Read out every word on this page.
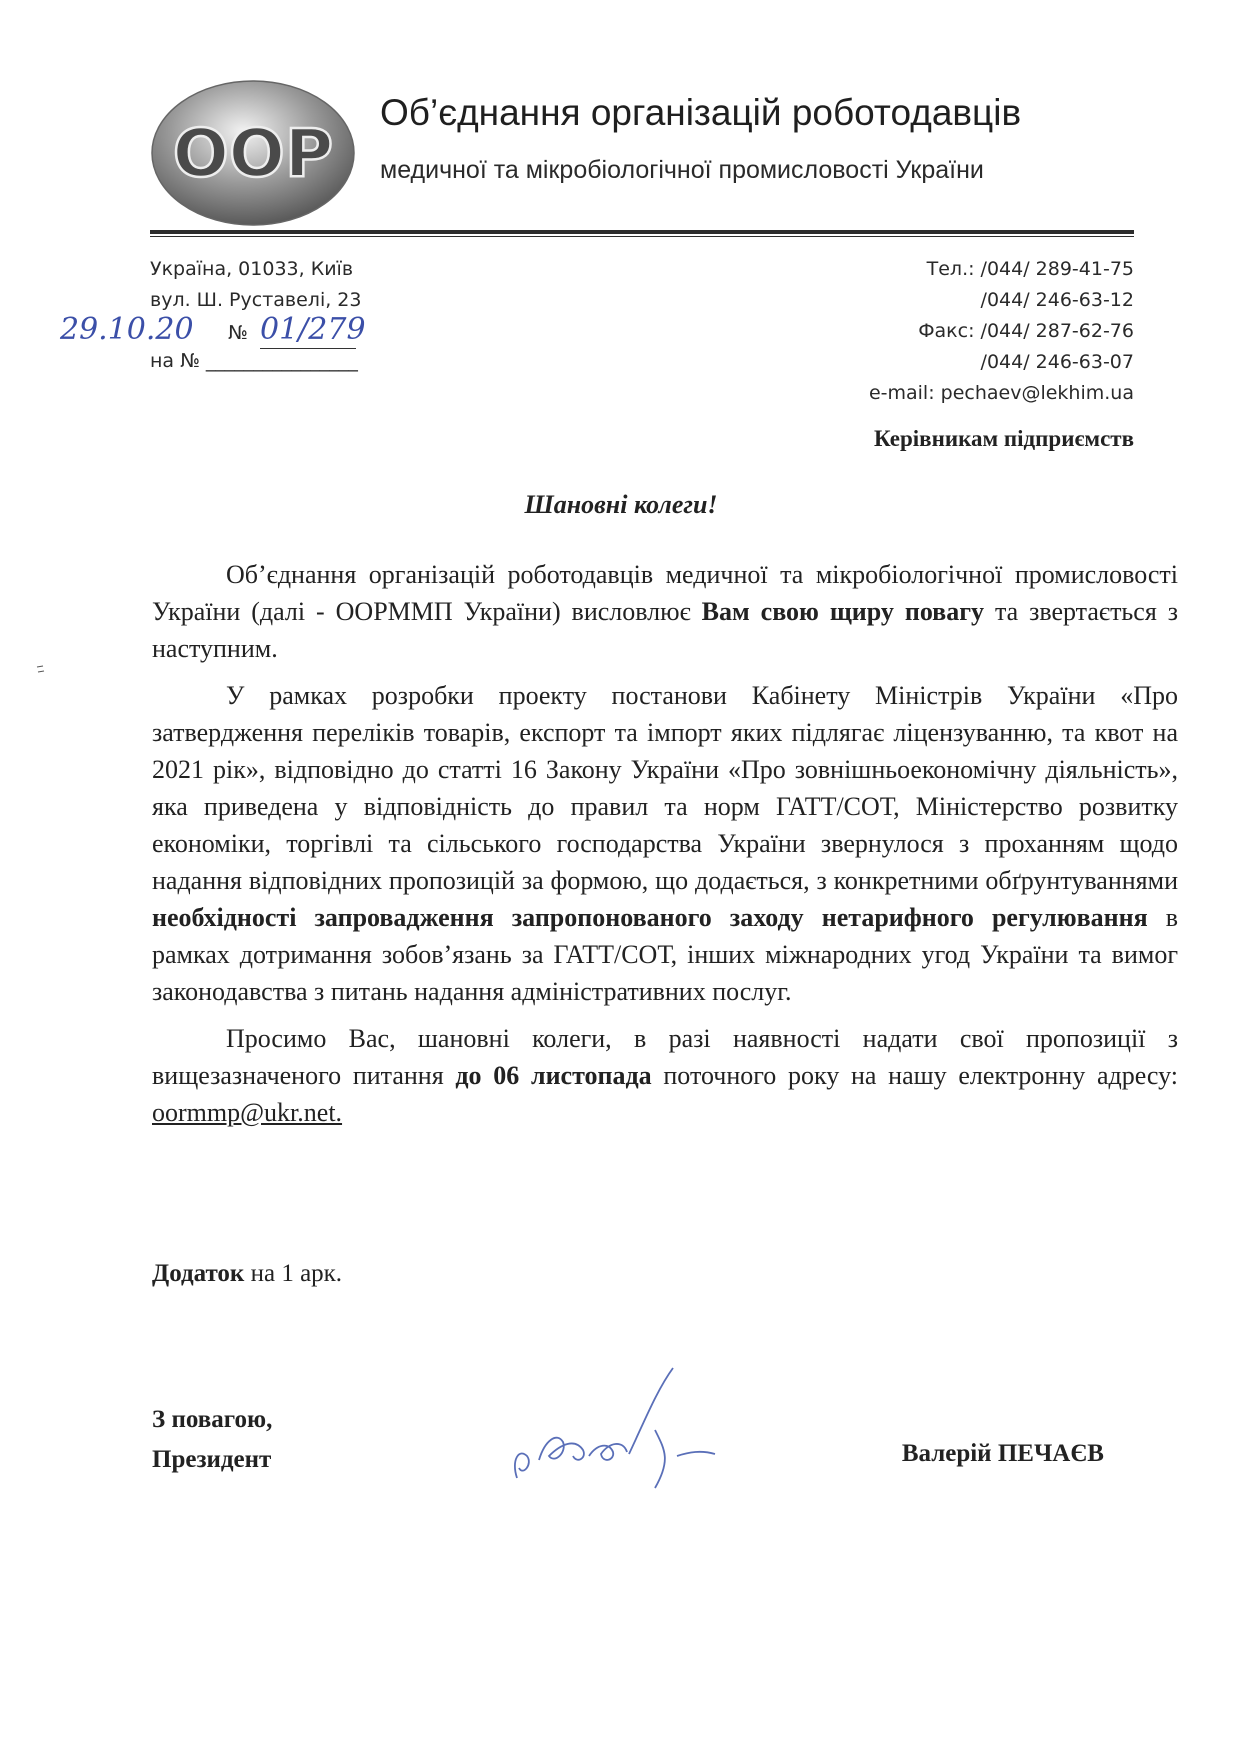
OOP
Об’єднання організацій роботодавців
медичної та мікробіологічної промисловості України
Україна, 01033, Київ
вул. Ш. Руставелі, 23
29.10.20 № 01/279
на № ________________
Тел.: /044/ 289-41-75
/044/ 246-63-12
Факс: /044/ 287-62-76
/044/ 246-63-07
e-mail: pechaev@lekhim.ua
Керівникам підприємств
Шановні колеги!

Об’єднання організацій роботодавців медичної та мікробіологічної промисловості України (далі - ООРММП України) висловлює Вам свою щиру повагу та звертається з наступним.

У рамках розробки проекту постанови Кабінету Міністрів України «Про затвердження переліків товарів, експорт та імпорт яких підлягає ліцензуванню, та квот на 2021 рік», відповідно до статті 16 Закону України «Про зовнішньоекономічну діяльність», яка приведена у відповідність до правил та норм ГАТТ/СОТ, Міністерство розвитку економіки, торгівлі та сільського господарства України звернулося з проханням щодо надання відповідних пропозицій за формою, що додається, з конкретними обґрунтуваннями необхідності запровадження запропонованого заходу нетарифного регулювання в рамках дотримання зобов’язань за ГАТТ/СОТ, інших міжнародних угод України та вимог законодавства з питань надання адміністративних послуг.

Просимо Вас, шановні колеги, в разі наявності надати свої пропозиції з вищезазначеного питання до 06 листопада поточного року на нашу електронну адресу: oormmp@ukr.net.

Додаток на 1 арк.
З повагою,
Президент	Валерій ПЕЧАЄВ
